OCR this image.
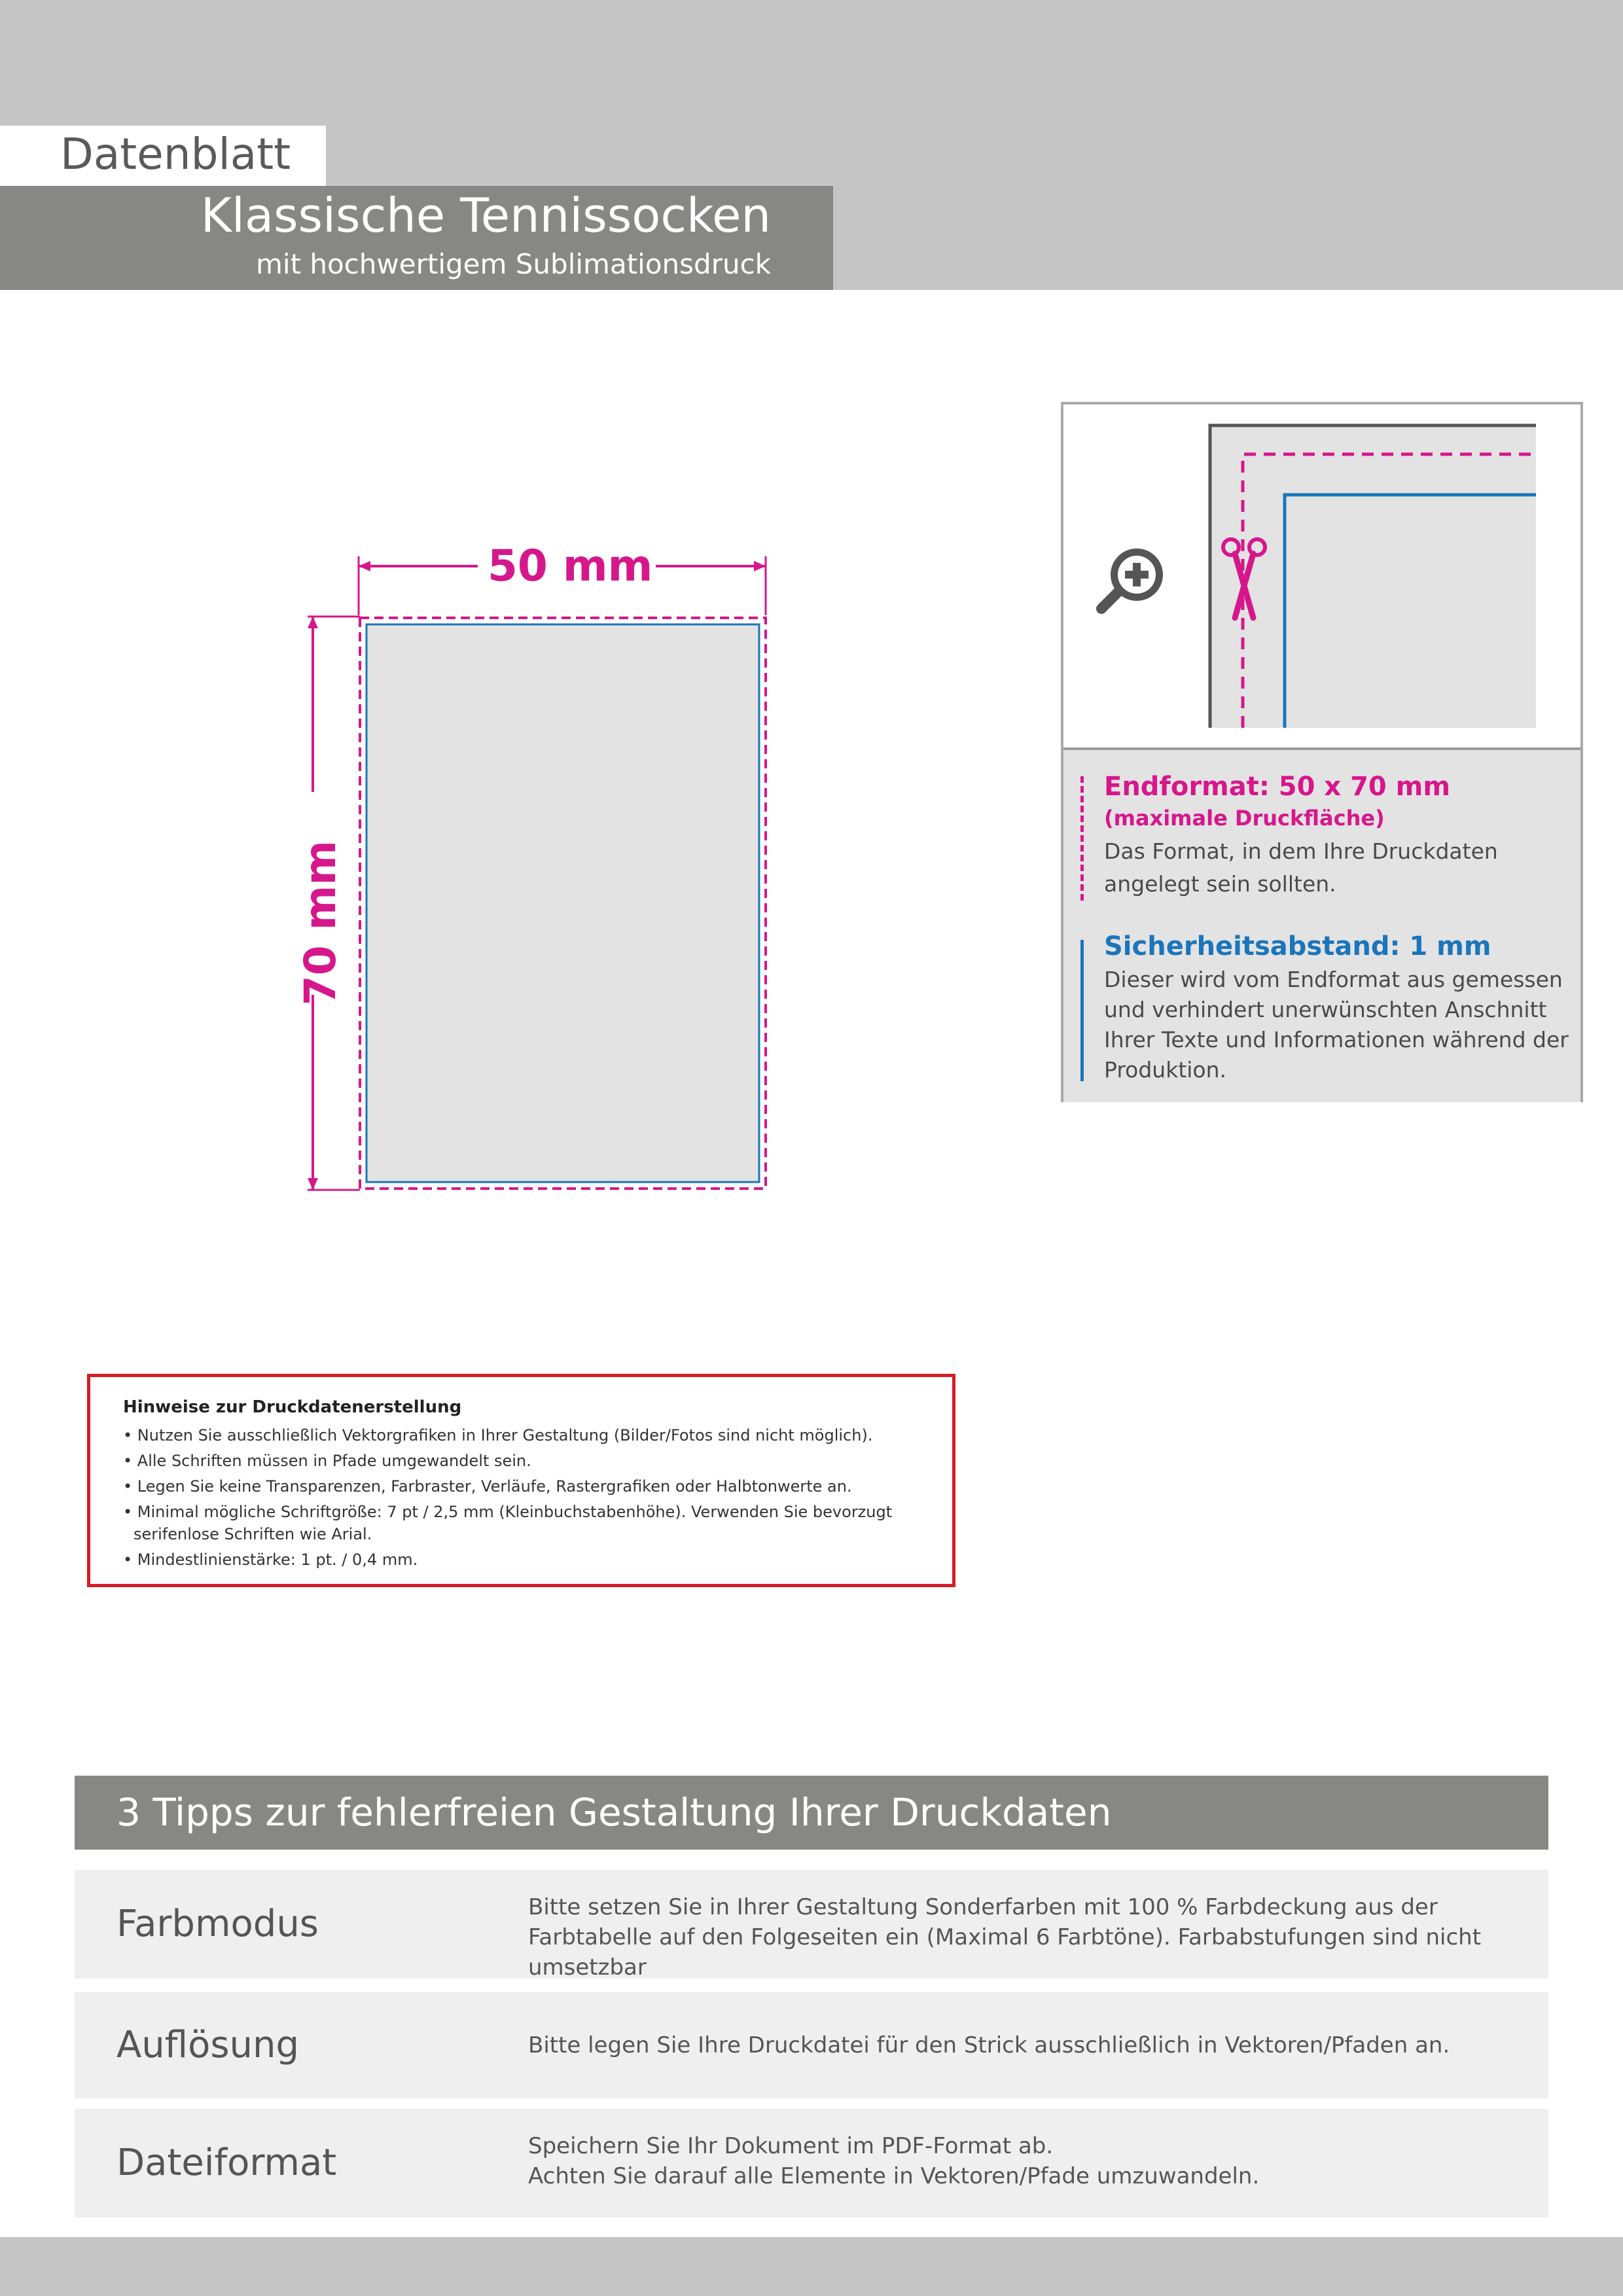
Datenblatt
Klassische Tennissocken
mit hochwertigem Sublimationsdruck
50 mm
70 mm
Endformat: 50 x 70 mm
(maximale Druckfläche)
Das Format, in dem Ihre Druckdaten angelegt sein sollten.
Sicherheitsabstand: 1 mm
Dieser wird vom Endformat aus gemessen und verhindert unerwünschten Anschnitt Ihrer Texte und Informationen während der Produktion.
Hinweise zur Druckdatenerstellung
• Nutzen Sie ausschließlich Vektorgrafiken in Ihrer Gestaltung (Bilder/Fotos sind nicht möglich).
• Alle Schriften müssen in Pfade umgewandelt sein.
• Legen Sie keine Transparenzen, Farbraster, Verläufe, Rastergrafiken oder Halbtonwerte an.
• Minimal mögliche Schriftgröße: 7 pt / 2,5 mm (Kleinbuchstabenhöhe). Verwenden Sie bevorzugt serifenlose Schriften wie Arial.
• Mindestlinienstärke: 1 pt. / 0,4 mm.
3 Tipps zur fehlerfreien Gestaltung Ihrer Druckdaten
Farbmodus	Bitte setzen Sie in Ihrer Gestaltung Sonderfarben mit 100 % Farbdeckung aus der Farbtabelle auf den Folgeseiten ein (Maximal 6 Farbtöne). Farbabstufungen sind nicht umsetzbar
Auflösung	Bitte legen Sie Ihre Druckdatei für den Strick ausschließlich in Vektoren/Pfaden an.
Dateiformat	Speichern Sie Ihr Dokument im PDF-Format ab.
Achten Sie darauf alle Elemente in Vektoren/Pfade umzuwandeln.
